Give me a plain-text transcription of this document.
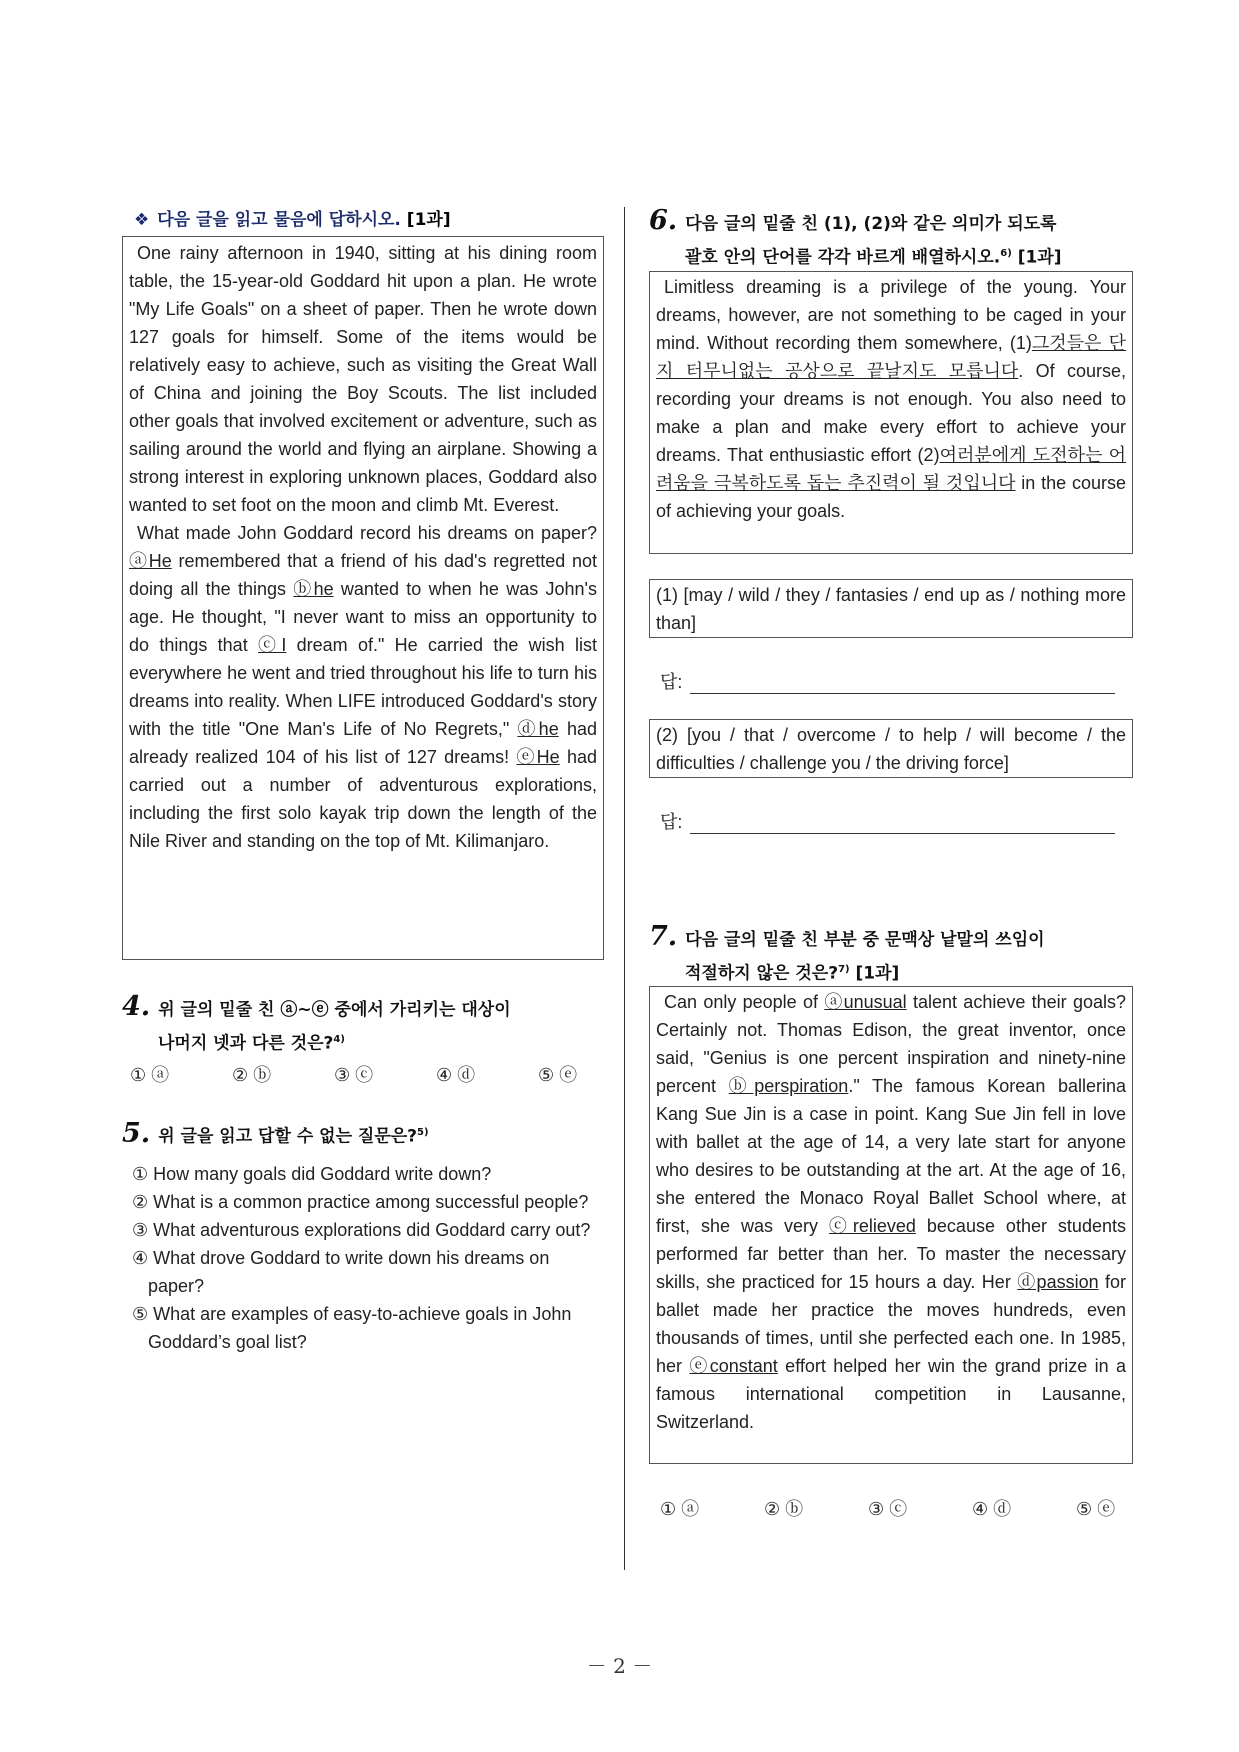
❖ 다음 글을 읽고 물음에 답하시오. [1과]

One rainy afternoon in 1940, sitting at his dining room table, the 15-year-old Goddard hit upon a plan. He wrote "My Life Goals" on a sheet of paper. Then he wrote down 127 goals for himself. Some of the items would be relatively easy to achieve, such as visiting the Great Wall of China and joining the Boy Scouts. The list included other goals that involved excitement or adventure, such as sailing around the world and flying an airplane. Showing a strong interest in exploring unknown places, Goddard also wanted to set foot on the moon and climb Mt. Everest.

What made John Goddard record his dreams on paper? ⓐHe remembered that a friend of his dad's regretted not doing all the things ⓑhe wanted to when he was John's age. He thought, "I never want to miss an opportunity to do things that ⓒI dream of." He carried the wish list everywhere he went and tried throughout his life to turn his dreams into reality. When LIFE introduced Goddard's story with the title "One Man's Life of No Regrets," ⓓhe had already realized 104 of his list of 127 dreams! ⓔHe had carried out a number of adventurous explorations, including the first solo kayak trip down the length of the Nile River and standing on the top of Mt. Kilimanjaro.

4. 위 글의 밑줄 친 ⓐ~ⓔ 중에서 가리키는 대상이
나머지 넷과 다른 것은?$^{4)}$
① ⓐ	② ⓑ	③ ⓒ	④ ⓓ	⑤ ⓔ
5. 위 글을 읽고 답할 수 없는 질문은?$^{5)}$
① How many goals did Goddard write down?
② What is a common practice among successful people?
③ What adventurous explorations did Goddard carry out?
④ What drove Goddard to write down his dreams on paper?
⑤ What are examples of easy-to-achieve goals in John Goddard’s goal list?
6. 다음 글의 밑줄 친 (1), (2)와 같은 의미가 되도록
괄호 안의 단어를 각각 바르게 배열하시오.$^{6)}$ [1과]

Limitless dreaming is a privilege of the young. Your dreams, however, are not something to be caged in your mind. Without recording them somewhere, (1)그것들은 단지 터무니없는 공상으로 끝날지도 모릅니다. Of course, recording your dreams is not enough. You also need to make a plan and make every effort to achieve your dreams. That enthusiastic effort (2)여러분에게 도전하는 어려움을 극복하도록 돕는 추진력이 될 것입니다 in the course of achieving your goals.

(1) [may / wild / they / fantasies / end up as / nothing more than]
답:
(2) [you / that / overcome / to help / will become / the difficulties / challenge you / the driving force]
답:
7. 다음 글의 밑줄 친 부분 중 문맥상 낱말의 쓰임이
적절하지 않은 것은?$^{7)}$ [1과]

Can only people of ⓐunusual talent achieve their goals? Certainly not. Thomas Edison, the great inventor, once said, "Genius is one percent inspiration and ninety-nine percent ⓑperspiration." The famous Korean ballerina Kang Sue Jin is a case in point. Kang Sue Jin fell in love with ballet at the age of 14, a very late start for anyone who desires to be outstanding at the art. At the age of 16, she entered the Monaco Royal Ballet School where, at first, she was very ⓒrelieved because other students performed far better than her. To master the necessary skills, she practiced for 15 hours a day. Her ⓓpassion for ballet made her practice the moves hundreds, even thousands of times, until she perfected each one. In 1985, her ⓔconstant effort helped her win the grand prize in a famous international competition in Lausanne, Switzerland.

① ⓐ	② ⓑ	③ ⓒ	④ ⓓ	⑤ ⓔ
－ 2 －
